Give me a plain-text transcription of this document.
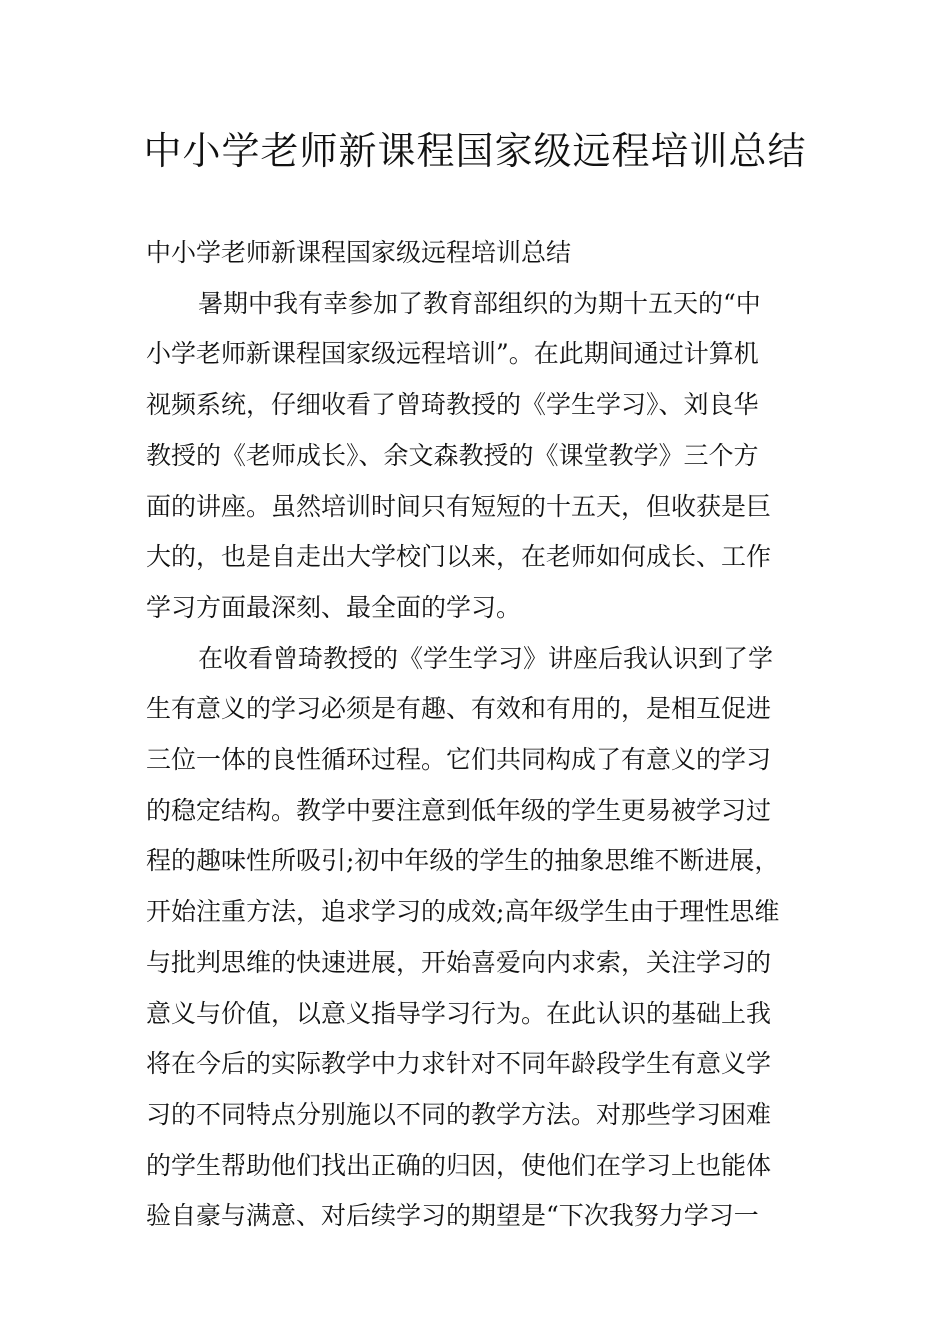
中小学老师新课程国家级远程培训总结

中小学老师新课程国家级远程培训总结

暑期中我有幸参加了教育部组织的为期十五天的“中
小学老师新课程国家级远程培训”。在此期间通过计算机
视频系统，仔细收看了曾琦教授的《学生学习》、刘良华
教授的《老师成长》、余文森教授的《课堂教学》三个方
面的讲座。虽然培训时间只有短短的十五天，但收获是巨
大的，也是自走出大学校门以来，在老师如何成长、工作
学习方面最深刻、最全面的学习。
在收看曾琦教授的《学生学习》讲座后我认识到了学
生有意义的学习必须是有趣、有效和有用的，是相互促进
三位一体的良性循环过程。它们共同构成了有意义的学习
的稳定结构。教学中要注意到低年级的学生更易被学习过
程的趣味性所吸引;初中年级的学生的抽象思维不断进展，
开始注重方法，追求学习的成效;高年级学生由于理性思维
与批判思维的快速进展，开始喜爱向内求索，关注学习的
意义与价值，以意义指导学习行为。在此认识的基础上我
将在今后的实际教学中力求针对不同年龄段学生有意义学
习的不同特点分别施以不同的教学方法。对那些学习困难
的学生帮助他们找出正确的归因，使他们在学习上也能体
验自豪与满意、对后续学习的期望是“下次我努力学习一
